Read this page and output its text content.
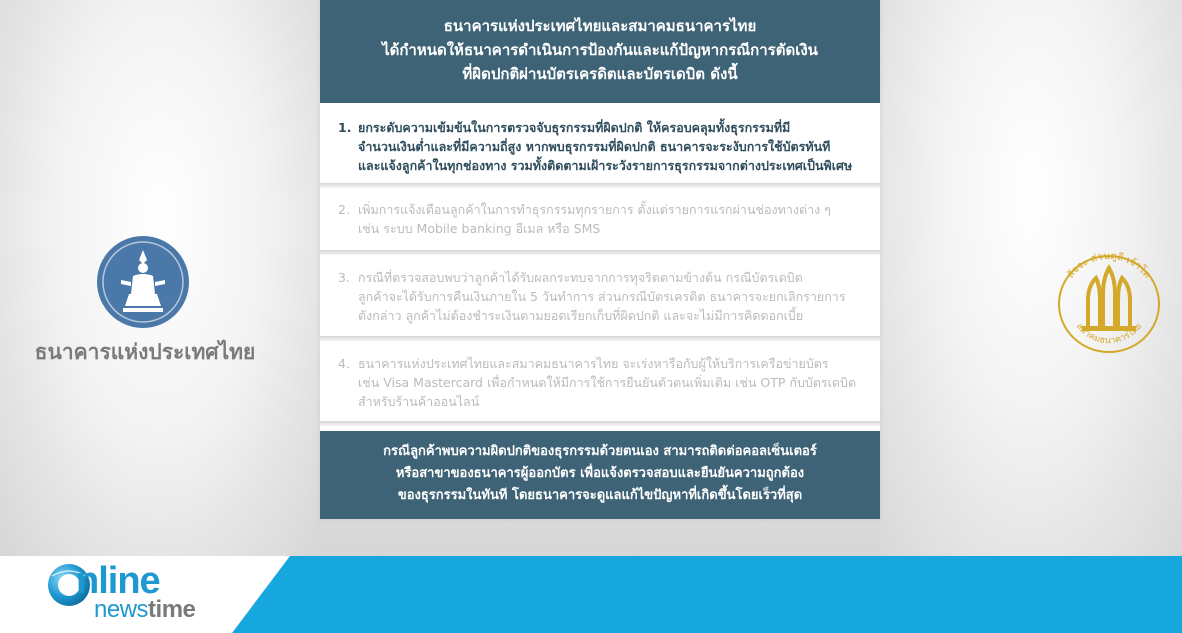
ธนาคารแห่งประเทศไทย
สัจจะ ส่วนตูลี เจ้าโต
สมาคมธนาคารไทย
ธนาคารแห่งประเทศไทยและสมาคมธนาคารไทย
ได้กำหนดให้ธนาคารดำเนินการป้องกันและแก้ปัญหากรณีการตัดเงิน
ที่ผิดปกติผ่านบัตรเครดิตและบัตรเดบิต ดังนี้
1. ยกระดับความเข้มข้นในการตรวจจับธุรกรรมที่ผิดปกติ ให้ครอบคลุมทั้งธุรกรรมที่มี
จำนวนเงินต่ำและที่มีความถี่สูง หากพบธุรกรรมที่ผิดปกติ ธนาคารจะระงับการใช้บัตรทันที
และแจ้งลูกค้าในทุกช่องทาง รวมทั้งติดตามเฝ้าระวังรายการธุรกรรมจากต่างประเทศเป็นพิเศษ
2. เพิ่มการแจ้งเตือนลูกค้าในการทำธุรกรรมทุกรายการ ตั้งแต่รายการแรกผ่านช่องทางต่าง ๆ
เช่น ระบบ Mobile banking อีเมล หรือ SMS
3. กรณีที่ตรวจสอบพบว่าลูกค้าได้รับผลกระทบจากการทุจริตตามข้างต้น กรณีบัตรเดบิต
ลูกค้าจะได้รับการคืนเงินภายใน 5 วันทำการ ส่วนกรณีบัตรเครดิต ธนาคารจะยกเลิกรายการ
ดังกล่าว ลูกค้าไม่ต้องชำระเงินตามยอดเรียกเก็บที่ผิดปกติ และจะไม่มีการคิดดอกเบี้ย
4. ธนาคารแห่งประเทศไทยและสมาคมธนาคารไทย จะเร่งหารือกับผู้ให้บริการเครือข่ายบัตร
เช่น Visa Mastercard เพื่อกำหนดให้มีการใช้การยืนยันตัวตนเพิ่มเติม เช่น OTP กับบัตรเดบิต
สำหรับร้านค้าออนไลน์
กรณีลูกค้าพบความผิดปกติของธุรกรรมด้วยตนเอง สามารถติดต่อคอลเซ็นเตอร์
หรือสาขาของธนาคารผู้ออกบัตร เพื่อแจ้งตรวจสอบและยืนยันความถูกต้อง
ของธุรกรรมในทันที โดยธนาคารจะดูแลแก้ไขปัญหาที่เกิดขึ้นโดยเร็วที่สุด
nline
newstime
